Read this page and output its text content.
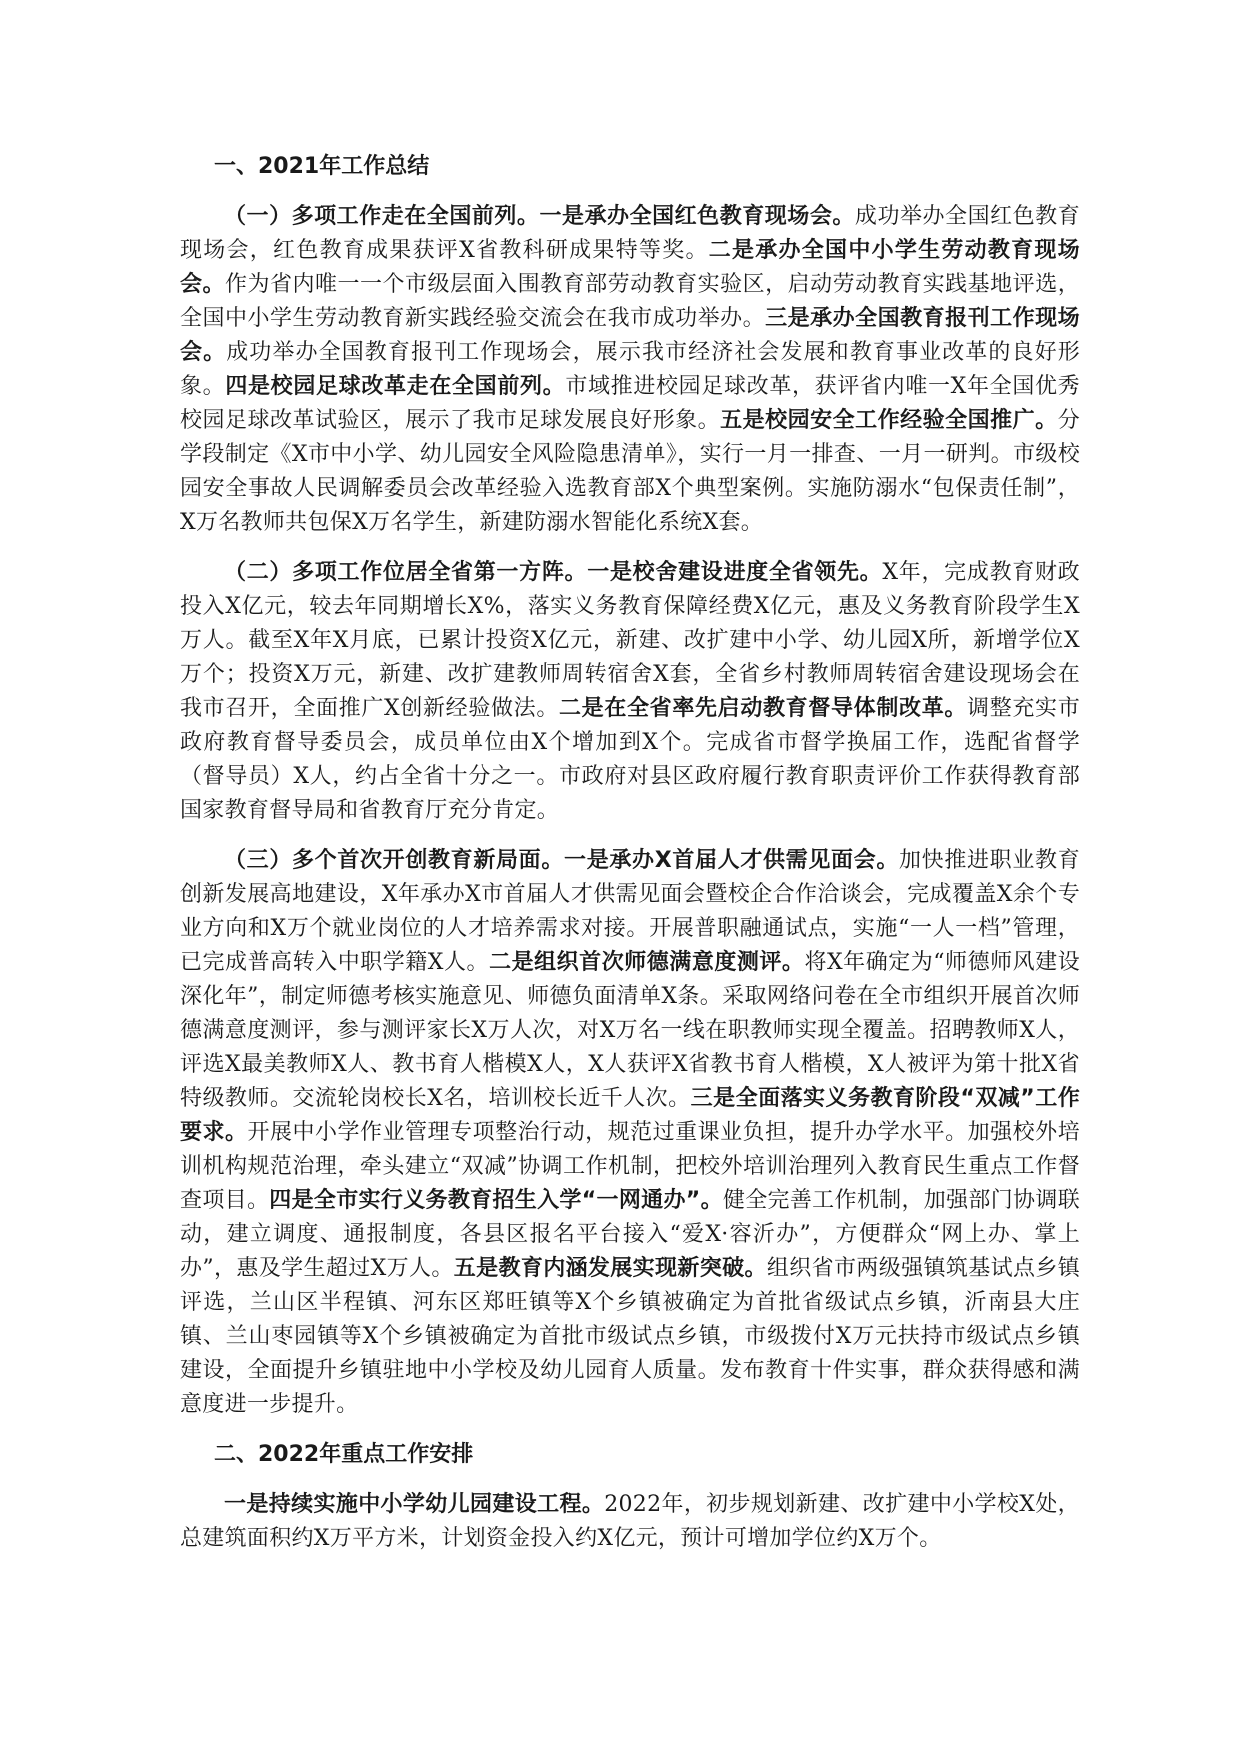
一、2021年工作总结

（一）多项工作走在全国前列。一是承办全国红色教育现场会。成功举办全国红色教育现场会，红色教育成果获评X省教科研成果特等奖。二是承办全国中小学生劳动教育现场会。作为省内唯一一个市级层面入围教育部劳动教育实验区，启动劳动教育实践基地评选，全国中小学生劳动教育新实践经验交流会在我市成功举办。三是承办全国教育报刊工作现场会。成功举办全国教育报刊工作现场会，展示我市经济社会发展和教育事业改革的良好形象。四是校园足球改革走在全国前列。市域推进校园足球改革，获评省内唯一X年全国优秀校园足球改革试验区，展示了我市足球发展良好形象。五是校园安全工作经验全国推广。分学段制定《X市中小学、幼儿园安全风险隐患清单》，实行一月一排查、一月一研判。市级校园安全事故人民调解委员会改革经验入选教育部X个典型案例。实施防溺水“包保责任制”，X万名教师共包保X万名学生，新建防溺水智能化系统X套。

（二）多项工作位居全省第一方阵。一是校舍建设进度全省领先。X年，完成教育财政投入X亿元，较去年同期增长X%，落实义务教育保障经费X亿元，惠及义务教育阶段学生X万人。截至X年X月底，已累计投资X亿元，新建、改扩建中小学、幼儿园X所，新增学位X万个；投资X万元，新建、改扩建教师周转宿舍X套，全省乡村教师周转宿舍建设现场会在我市召开，全面推广X创新经验做法。二是在全省率先启动教育督导体制改革。调整充实市政府教育督导委员会，成员单位由X个增加到X个。完成省市督学换届工作，选配省督学（督导员）X人，约占全省十分之一。市政府对县区政府履行教育职责评价工作获得教育部国家教育督导局和省教育厅充分肯定。

（三）多个首次开创教育新局面。一是承办X首届人才供需见面会。加快推进职业教育创新发展高地建设，X年承办X市首届人才供需见面会暨校企合作洽谈会，完成覆盖X余个专业方向和X万个就业岗位的人才培养需求对接。开展普职融通试点，实施“一人一档”管理，已完成普高转入中职学籍X人。二是组织首次师德满意度测评。将X年确定为“师德师风建设深化年”，制定师德考核实施意见、师德负面清单X条。采取网络问卷在全市组织开展首次师德满意度测评，参与测评家长X万人次，对X万名一线在职教师实现全覆盖。招聘教师X人，评选X最美教师X人、教书育人楷模X人，X人获评X省教书育人楷模，X人被评为第十批X省特级教师。交流轮岗校长X名，培训校长近千人次。三是全面落实义务教育阶段“双减”工作要求。开展中小学作业管理专项整治行动，规范过重课业负担，提升办学水平。加强校外培训机构规范治理，牵头建立“双减”协调工作机制，把校外培训治理列入教育民生重点工作督查项目。四是全市实行义务教育招生入学“一网通办”。健全完善工作机制，加强部门协调联动，建立调度、通报制度，各县区报名平台接入“爱X·容沂办”，方便群众“网上办、掌上办”，惠及学生超过X万人。五是教育内涵发展实现新突破。组织省市两级强镇筑基试点乡镇评选，兰山区半程镇、河东区郑旺镇等X个乡镇被确定为首批省级试点乡镇，沂南县大庄镇、兰山枣园镇等X个乡镇被确定为首批市级试点乡镇，市级拨付X万元扶持市级试点乡镇建设，全面提升乡镇驻地中小学校及幼儿园育人质量。发布教育十件实事，群众获得感和满意度进一步提升。

二、2022年重点工作安排

一是持续实施中小学幼儿园建设工程。2022年，初步规划新建、改扩建中小学校X处，总建筑面积约X万平方米，计划资金投入约X亿元，预计可增加学位约X万个。
